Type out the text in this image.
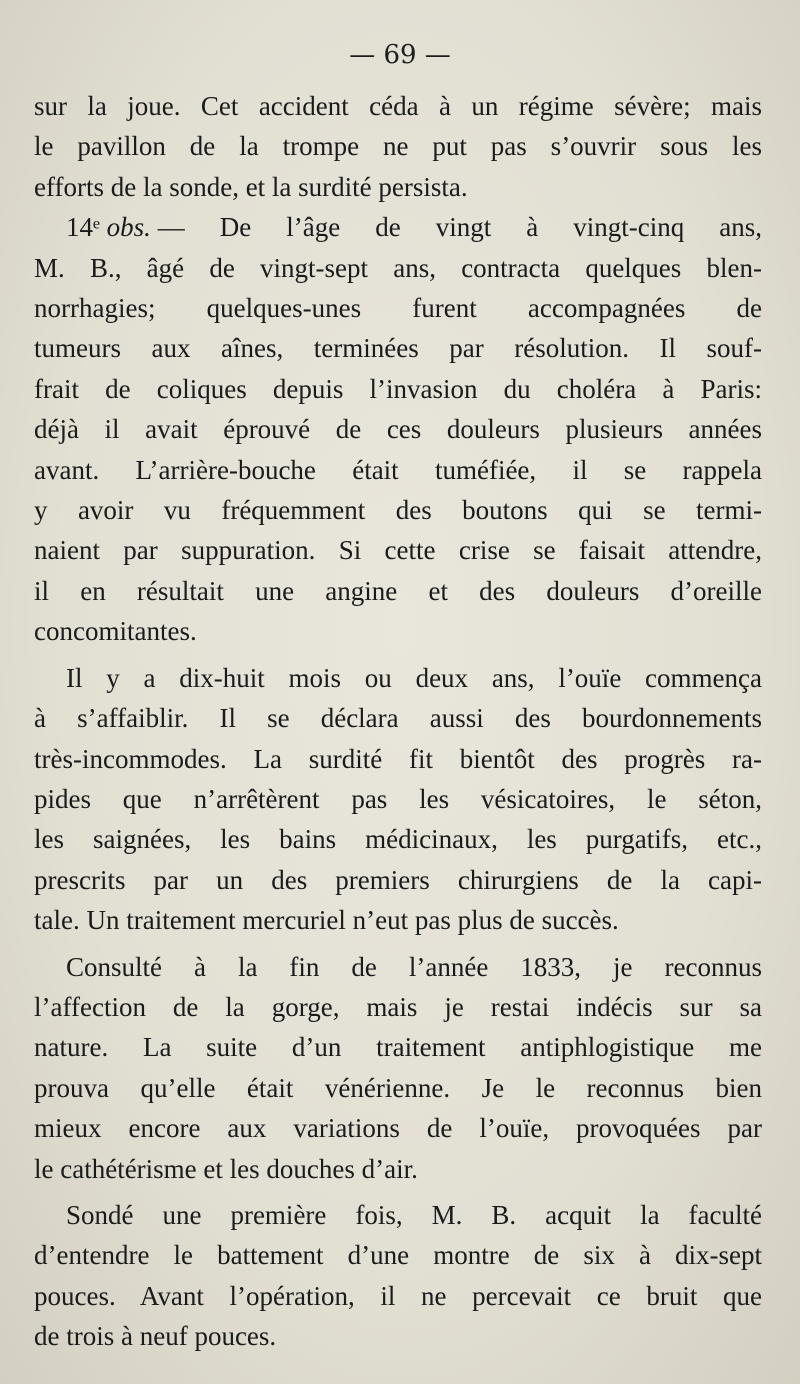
— 69 —
sur la joue. Cet accident céda à un régime sévère; mais
le pavillon de la trompe ne put pas s’ouvrir sous les
efforts de la sonde, et la surdité persista.
14ᵉ  obs.  — De l’âge de vingt à vingt-cinq ans,
M. B., âgé de vingt-sept ans, contracta quelques blen-
norrhagies; quelques-unes furent accompagnées de
tumeurs aux aînes, terminées par résolution. Il souf-
frait de coliques depuis l’invasion du choléra à Paris:
déjà il avait éprouvé de ces douleurs plusieurs années
avant. L’arrière-bouche était tuméfiée, il se rappela
y avoir vu fréquemment des boutons qui se termi-
naient par suppuration. Si cette crise se faisait attendre,
il en résultait une angine et des douleurs d’oreille
concomitantes.
Il y a dix-huit mois ou deux ans, l’ouïe commença
à s’affaiblir. Il se déclara aussi des bourdonnements
très-incommodes. La surdité fit bientôt des progrès ra-
pides que n’arrêtèrent pas les vésicatoires, le séton,
les saignées, les bains médicinaux, les purgatifs, etc.,
prescrits par un des premiers chirurgiens de la capi-
tale. Un traitement mercuriel n’eut pas plus de succès.
Consulté à la fin de l’année 1833, je reconnus
l’affection de la gorge, mais je restai indécis sur sa
nature. La suite d’un traitement antiphlogistique me
prouva qu’elle était vénérienne. Je le reconnus bien
mieux encore aux variations de l’ouïe, provoquées par
le cathétérisme et les douches d’air.
Sondé une première fois, M. B. acquit la faculté
d’entendre le battement d’une montre de six à dix-sept
pouces. Avant l’opération, il ne percevait ce bruit que
de trois à neuf pouces.
